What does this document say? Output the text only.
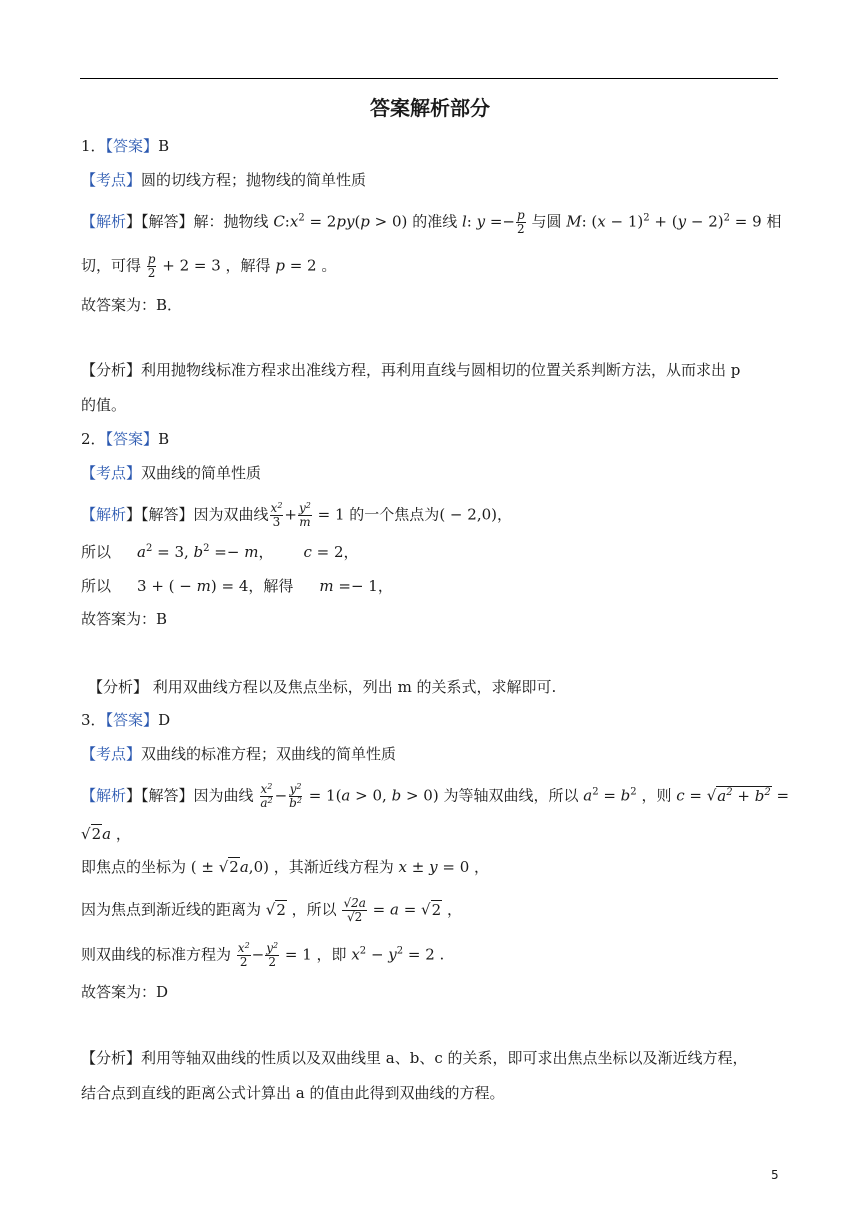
答案解析部分
1．【答案】B
【考点】圆的切线方程；抛物线的简单性质
【解析】【解答】解：抛物线 $C:x^2 = 2py(p > 0)$ 的准线 l: $y =- \frac{p}{2}$ 与圆 M: $(x - 1)^2 + (y - 2)^2 = 9$ 相
切，可得 $\frac{p}{2} + 2 = 3$ ，解得 p = 2 。
故答案为：B．
【分析】利用抛物线标准方程求出准线方程，再利用直线与圆相切的位置关系判断方法，从而求出 p
的值。
2．【答案】B
【考点】双曲线的简单性质
【解析】【解答】因为双曲线 $\frac{x^2}{3} + \frac{y^2}{m} = 1$ 的一个焦点为( − 2,0)，
所以 $a^2 = 3$, $b^2 =- m$， c = 2，
所以 3 + ( − m) = 4，解得 m =− 1，
故答案为：B
【分析】 利用双曲线方程以及焦点坐标，列出 m 的关系式，求解即可.
3．【答案】D
【考点】双曲线的标准方程；双曲线的简单性质
【解析】【解答】因为曲线 $\frac{x^2}{a^2} - \frac{y^2}{b^2} = 1(a > 0$, b > 0) 为等轴双曲线，所以 $a^2 = b^2$ ，则 $c = √a^2 + b^2$ =
√2a ，
即焦点的坐标为 ( ± √2a,0) ，其渐近线方程为 x ± y = 0 ，
因为焦点到渐近线的距离为 √2 ，所以 $\frac{√2a}{√2} = a = √2$ ，
则双曲线的标准方程为 $\frac{x^2}{2} - \frac{y^2}{2} = 1$ ，即 $x^2 - y^2 = 2$ .
故答案为：D
【分析】利用等轴双曲线的性质以及双曲线里 a、b、c 的关系，即可求出焦点坐标以及渐近线方程，
结合点到直线的距离公式计算出 a 的值由此得到双曲线的方程。
5
